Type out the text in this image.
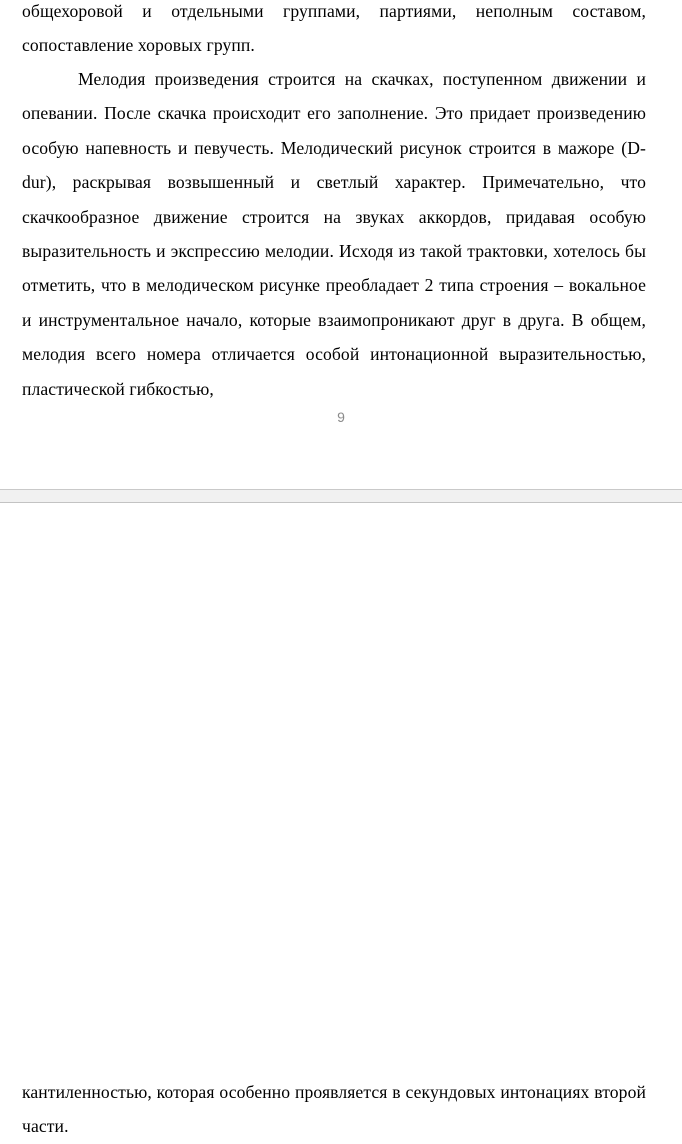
общехоровой и отдельными группами, партиями, неполным составом, сопоставление хоровых групп.

Мелодия произведения строится на скачках, поступенном движении и опевании. После скачка происходит его заполнение. Это придает произведению особую напевность и певучесть. Мелодический рисунок строится в мажоре (D-dur), раскрывая возвышенный и светлый характер. Примечательно, что скачкообразное движение строится на звуках аккордов, придавая особую выразительность и экспрессию мелодии. Исходя из такой трактовки, хотелось бы отметить, что в мелодическом рисунке преобладает 2 типа строения – вокальное и инструментальное начало, которые взаимопроникают друг в друга. В общем, мелодия всего номера отличается особой интонационной выразительностью, пластической гибкостью,

9

кантиленностью, которая особенно проявляется в секундовых интонациях второй части.
